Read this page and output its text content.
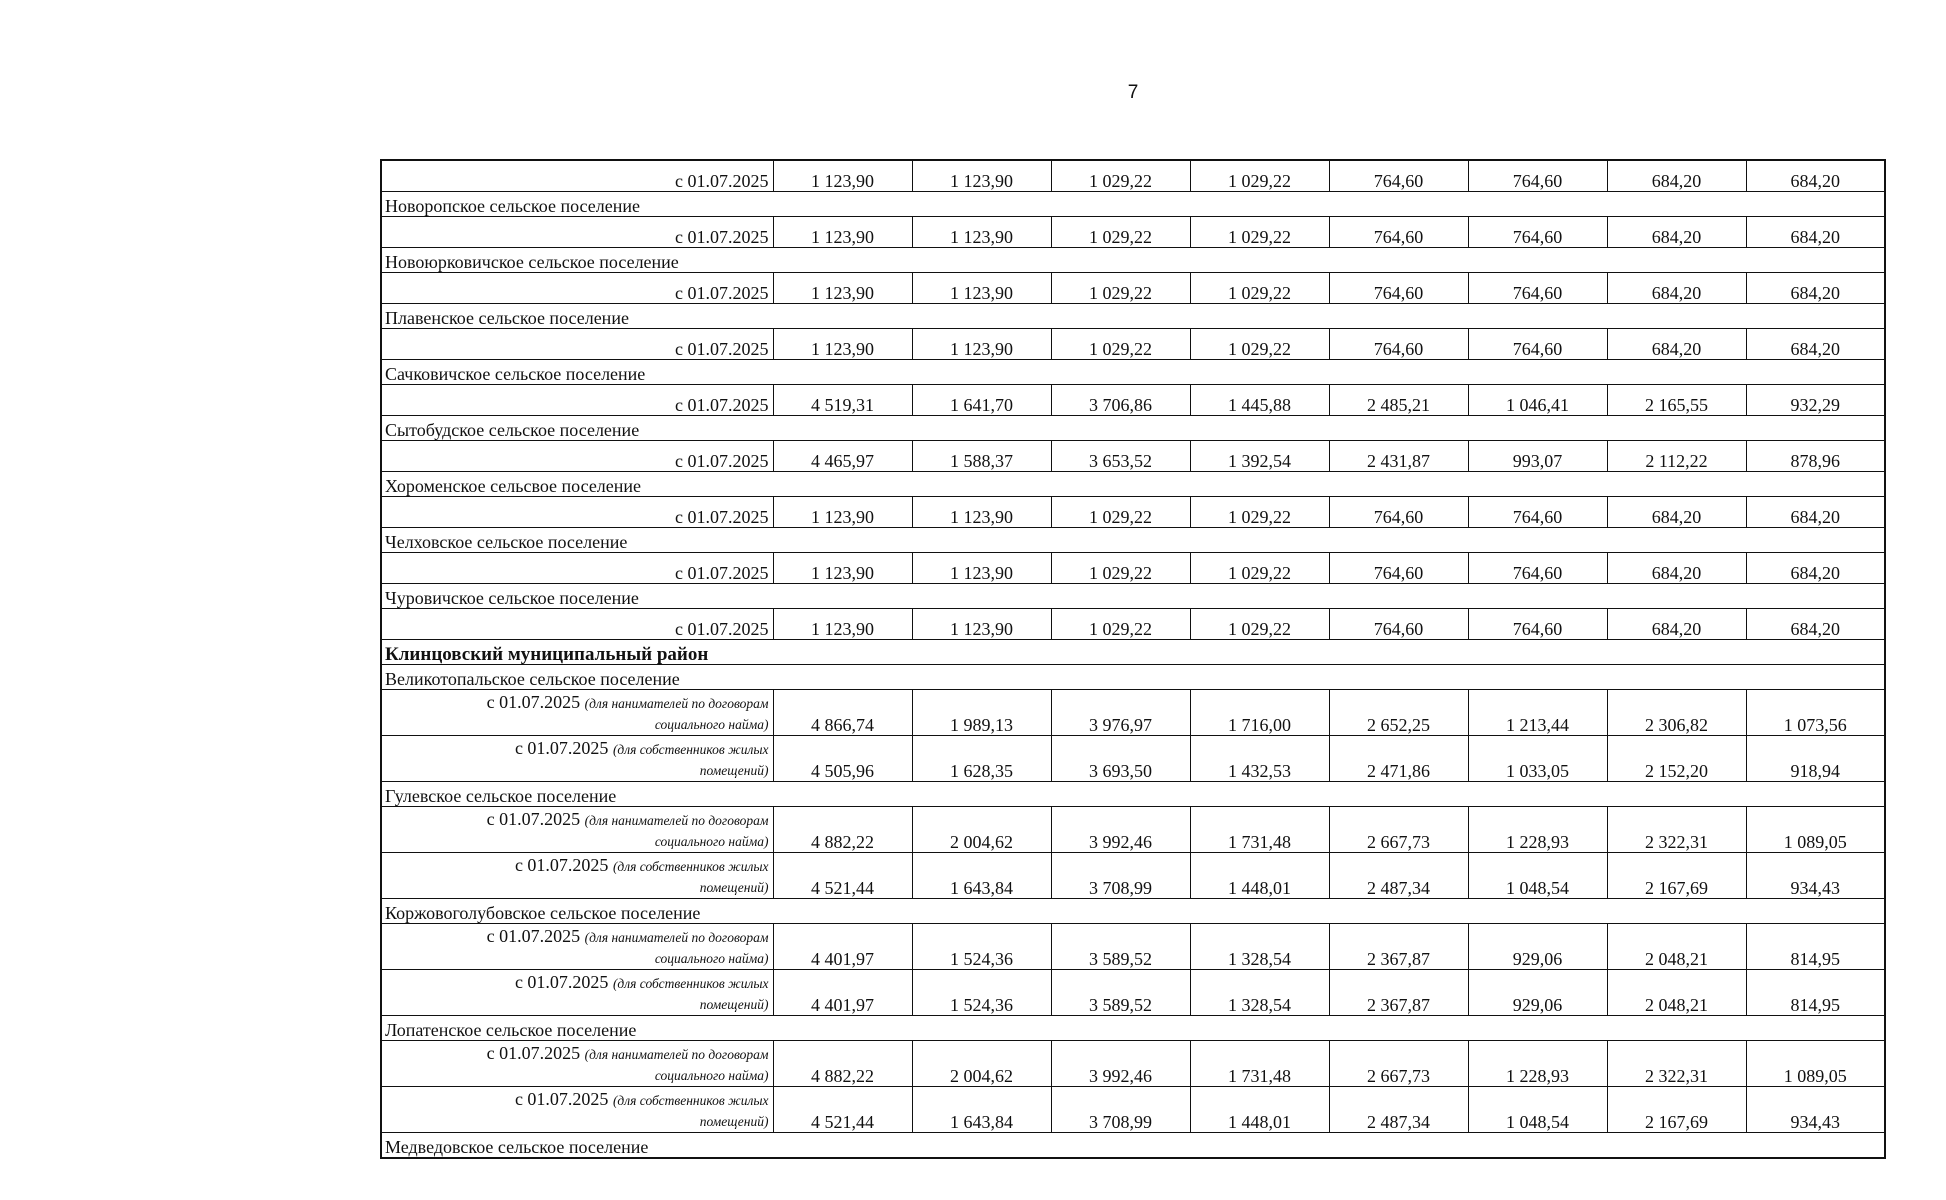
7
с 01.07.2025	1 123,90	1 123,90	1 029,22	1 029,22	764,60	764,60	684,20	684,20
Новоропское сельское поселение								
с 01.07.2025	1 123,90	1 123,90	1 029,22	1 029,22	764,60	764,60	684,20	684,20
Новоюрковичское сельское поселение								
с 01.07.2025	1 123,90	1 123,90	1 029,22	1 029,22	764,60	764,60	684,20	684,20
Плавенское сельское поселение								
с 01.07.2025	1 123,90	1 123,90	1 029,22	1 029,22	764,60	764,60	684,20	684,20
Сачковичское сельское поселение								
с 01.07.2025	4 519,31	1 641,70	3 706,86	1 445,88	2 485,21	1 046,41	2 165,55	932,29
Сытобудское сельское поселение								
с 01.07.2025	4 465,97	1 588,37	3 653,52	1 392,54	2 431,87	993,07	2 112,22	878,96
Хороменское сельсвое поселение								
с 01.07.2025	1 123,90	1 123,90	1 029,22	1 029,22	764,60	764,60	684,20	684,20
Челховское сельское поселение								
с 01.07.2025	1 123,90	1 123,90	1 029,22	1 029,22	764,60	764,60	684,20	684,20
Чуровичское сельское поселение								
с 01.07.2025	1 123,90	1 123,90	1 029,22	1 029,22	764,60	764,60	684,20	684,20
Клинцовский муниципальный район								
Великотопальское сельское поселение								

с 01.07.2025 (для нанимателей по договорам
социального найма)	4 866,74	1 989,13	3 976,97	1 716,00	2 652,25	1 213,44	2 306,82	1 073,56

с 01.07.2025 (для собственников жилых
помещений)	4 505,96	1 628,35	3 693,50	1 432,53	2 471,86	1 033,05	2 152,20	918,94
Гулевское сельское поселение								

с 01.07.2025 (для нанимателей по договорам
социального найма)	4 882,22	2 004,62	3 992,46	1 731,48	2 667,73	1 228,93	2 322,31	1 089,05

с 01.07.2025 (для собственников жилых
помещений)	4 521,44	1 643,84	3 708,99	1 448,01	2 487,34	1 048,54	2 167,69	934,43
Коржовоголубовское сельское поселение								

с 01.07.2025 (для нанимателей по договорам
социального найма)	4 401,97	1 524,36	3 589,52	1 328,54	2 367,87	929,06	2 048,21	814,95

с 01.07.2025 (для собственников жилых
помещений)	4 401,97	1 524,36	3 589,52	1 328,54	2 367,87	929,06	2 048,21	814,95
Лопатенское сельское поселение								

с 01.07.2025 (для нанимателей по договорам
социального найма)	4 882,22	2 004,62	3 992,46	1 731,48	2 667,73	1 228,93	2 322,31	1 089,05

с 01.07.2025 (для собственников жилых
помещений)	4 521,44	1 643,84	3 708,99	1 448,01	2 487,34	1 048,54	2 167,69	934,43
Медведовское сельское поселение								
